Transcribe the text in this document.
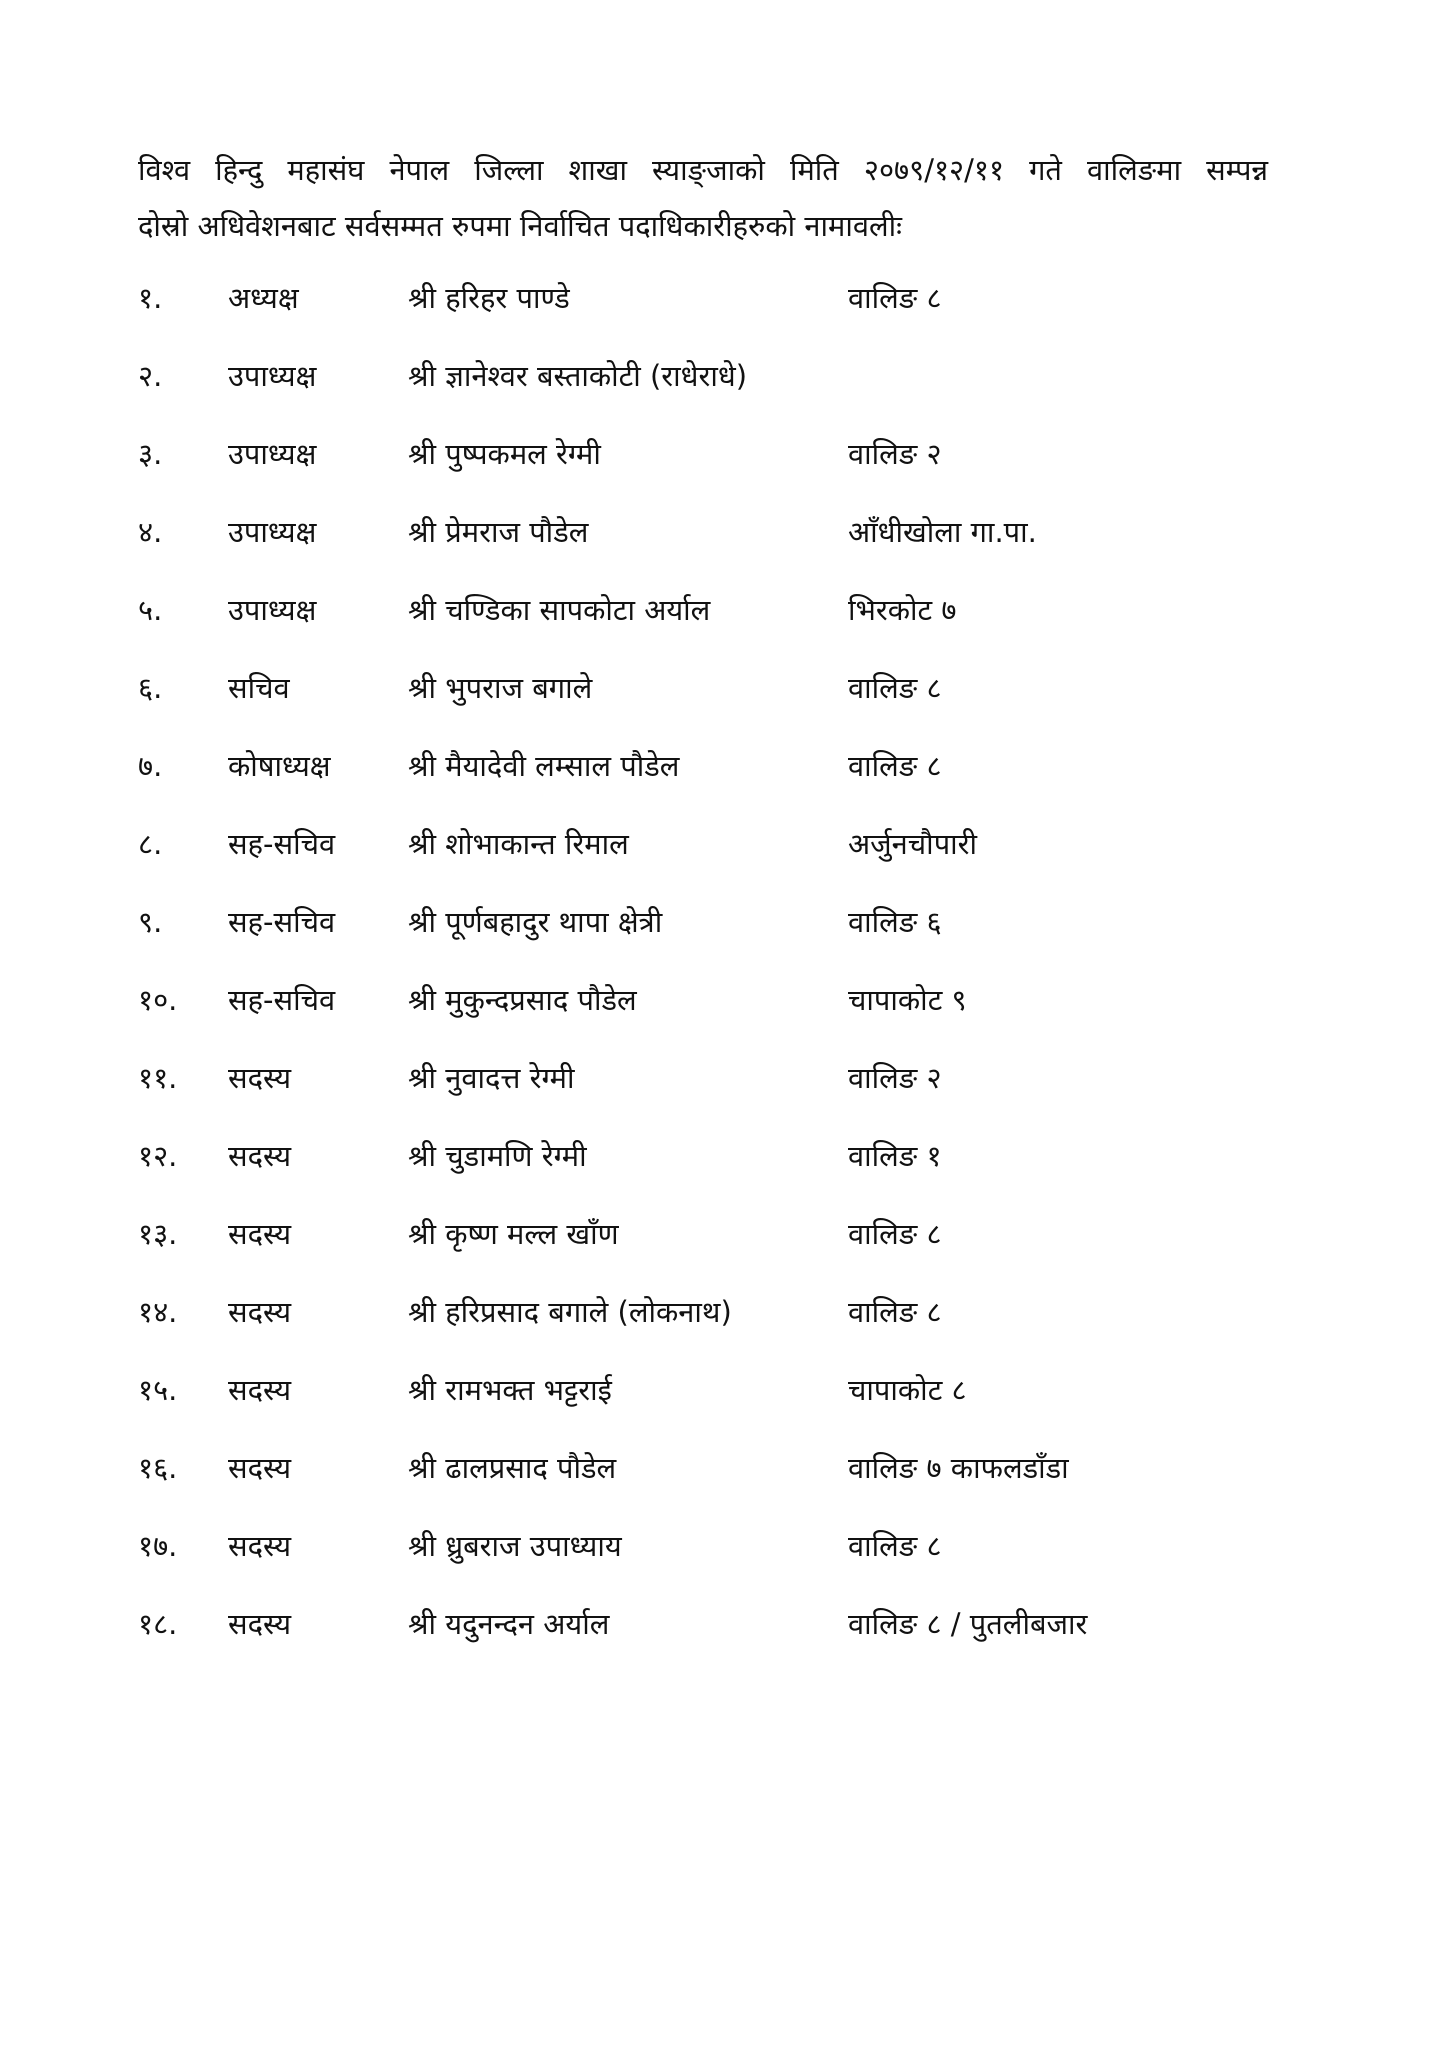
विश्व हिन्दु महासंघ नेपाल जिल्ला शाखा स्याङ्जाको मिति २०७९/१२/११ गते वालिङमा सम्पन्न

दोस्रो अधिवेशनबाट सर्वसम्मत रुपमा निर्वाचित पदाधिकारीहरुको नामावलीः

१. अध्यक्ष	श्री हरिहर पाण्डे	वालिङ ८
२. उपाध्यक्ष	श्री ज्ञानेश्वर बस्ताकोटी (राधेराधे)
३. उपाध्यक्ष	श्री पुष्पकमल रेग्मी	वालिङ २
४. उपाध्यक्ष	श्री प्रेमराज पौडेल	आँधीखोला गा.पा.
५. उपाध्यक्ष	श्री चण्डिका सापकोटा अर्याल	भिरकोट ७
६. सचिव	श्री भुपराज बगाले	वालिङ ८
७. कोषाध्यक्ष	श्री मैयादेवी लम्साल पौडेल	वालिङ ८
८. सह-सचिव	श्री शोभाकान्त रिमाल	अर्जुनचौपारी
९. सह-सचिव	श्री पूर्णबहादुर थापा क्षेत्री	वालिङ ६
१०. सह-सचिव	श्री मुकुन्दप्रसाद पौडेल	चापाकोट ९
११. सदस्य	श्री नुवादत्त रेग्मी	वालिङ २
१२. सदस्य	श्री चुडामणि रेग्मी	वालिङ १
१३. सदस्य	श्री कृष्ण मल्ल खाँण	वालिङ ८
१४. सदस्य	श्री हरिप्रसाद बगाले (लोकनाथ)	वालिङ ८
१५. सदस्य	श्री रामभक्त भट्टराई	चापाकोट ८
१६. सदस्य	श्री ढालप्रसाद पौडेल	वालिङ ७ काफलडाँडा
१७. सदस्य	श्री ध्रुबराज उपाध्याय	वालिङ ८
१८. सदस्य	श्री यदुनन्दन अर्याल	वालिङ ८ / पुतलीबजार
